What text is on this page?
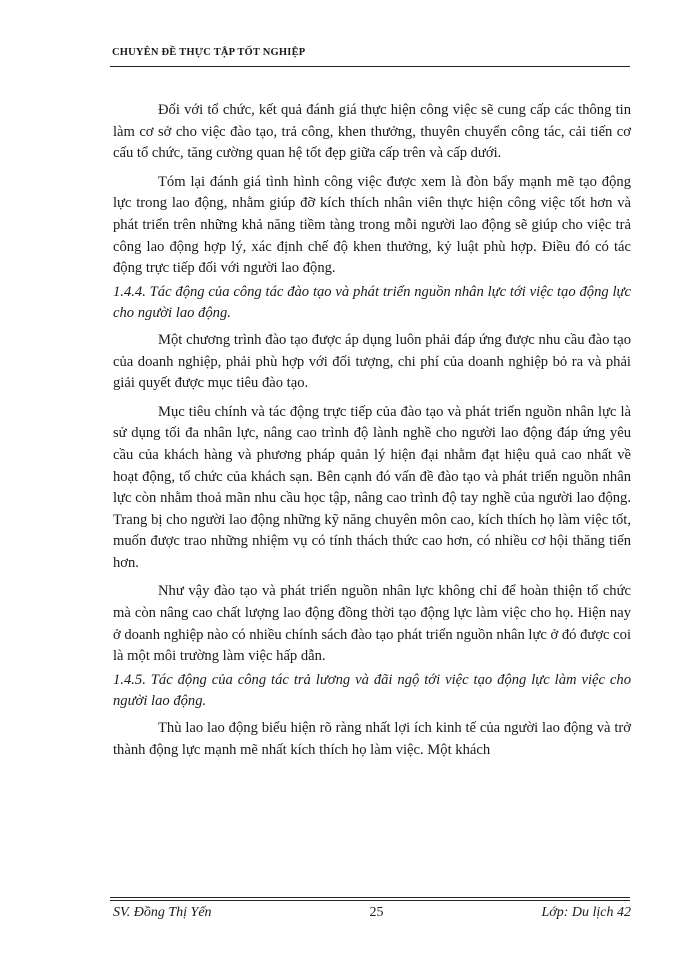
CHUYÊN ĐỀ THỰC TẬP TỐT NGHIỆP

Đối với tổ chức, kết quả đánh giá thực hiện công việc sẽ cung cấp các thông tin làm cơ sở cho việc đào tạo, trả công, khen thưởng, thuyên chuyển công tác, cải tiến cơ cấu tổ chức, tăng cường quan hệ tốt đẹp giữa cấp trên và cấp dưới.

Tóm lại đánh giá tình hình công việc được xem là đòn bẩy mạnh mẽ tạo động lực trong lao động, nhằm giúp đỡ kích thích nhân viên thực hiện công việc tốt hơn và phát triển trên những khả năng tiềm tàng trong mỗi người lao động sẽ giúp cho việc trả công lao động hợp lý, xác định chế độ khen thưởng, kỷ luật phù hợp. Điều đó có tác động trực tiếp đối với người lao động.

1.4.4. Tác động của công tác đào tạo và phát triển nguồn nhân lực tới việc tạo động lực cho người lao động.

Một chương trình đào tạo được áp dụng luôn phải đáp ứng được nhu cầu đào tạo của doanh nghiệp, phải phù hợp với đối tượng, chi phí của doanh nghiệp bỏ ra và phải giải quyết được mục tiêu đào tạo.

Mục tiêu chính và tác động trực tiếp của đào tạo và phát triển nguồn nhân lực là sử dụng tối đa nhân lực, nâng cao trình độ lành nghề cho người lao động đáp ứng yêu cầu của khách hàng và phương pháp quản lý hiện đại nhằm đạt hiệu quả cao nhất về hoạt động, tổ chức của khách sạn. Bên cạnh đó vấn đề đào tạo và phát triển nguồn nhân lực còn nhằm thoả mãn nhu cầu học tập, nâng cao trình độ tay nghề của người lao động. Trang bị cho người lao động những kỹ năng chuyên môn cao, kích thích họ làm việc tốt, muốn được trao những nhiệm vụ có tính thách thức cao hơn, có nhiều cơ hội thăng tiến hơn.

Như vậy đào tạo và phát triển nguồn nhân lực không chỉ để hoàn thiện tổ chức mà còn nâng cao chất lượng lao động đồng thời tạo động lực làm việc cho họ. Hiện nay ở doanh nghiệp nào có nhiều chính sách đào tạo phát triển nguồn nhân lực ở đó được coi là một môi trường làm việc hấp dẫn.

1.4.5. Tác động của công tác trả lương và đãi ngộ tới việc tạo động lực làm việc cho người lao động.

Thù lao lao động biểu hiện rõ ràng nhất lợi ích kinh tế của người lao động và trở thành động lực mạnh mẽ nhất kích thích họ làm việc. Một khách

SV. Đồng Thị Yến	25	Lớp: Du lịch 42
